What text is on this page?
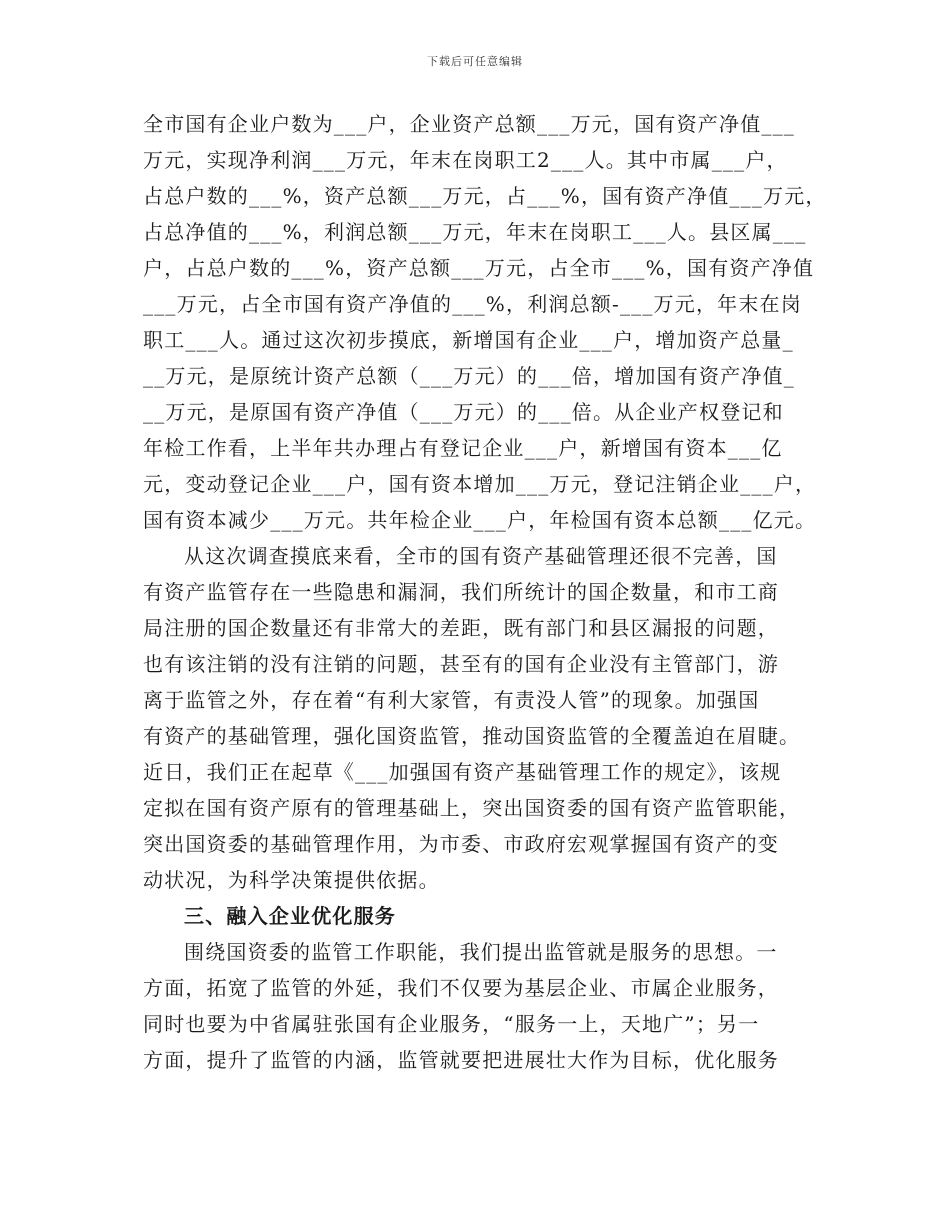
下载后可任意编辑
全市国有企业户数为___户，企业资产总额___万元，国有资产净值___
万元，实现净利润___万元，年末在岗职工2___人。其中市属___户，
占总户数的___%，资产总额___万元，占___%，国有资产净值___万元，
占总净值的___%，利润总额___万元，年末在岗职工___人。县区属___
户，占总户数的___%，资产总额___万元，占全市___%，国有资产净值
___万元，占全市国有资产净值的___%，利润总额-___万元，年末在岗
职工___人。通过这次初步摸底，新增国有企业___户，增加资产总量_
__万元，是原统计资产总额（___万元）的___倍，增加国有资产净值_
__万元，是原国有资产净值（___万元）的___倍。从企业产权登记和
年检工作看，上半年共办理占有登记企业___户，新增国有资本___亿
元，变动登记企业___户，国有资本增加___万元，登记注销企业___户，
国有资本减少___万元。共年检企业___户，年检国有资本总额___亿元。
从这次调查摸底来看，全市的国有资产基础管理还很不完善，国
有资产监管存在一些隐患和漏洞，我们所统计的国企数量，和市工商
局注册的国企数量还有非常大的差距，既有部门和县区漏报的问题，
也有该注销的没有注销的问题，甚至有的国有企业没有主管部门，游
离于监管之外，存在着“有利大家管，有责没人管”的现象。加强国
有资产的基础管理，强化国资监管，推动国资监管的全覆盖迫在眉睫。
近日，我们正在起草《___加强国有资产基础管理工作的规定》，该规
定拟在国有资产原有的管理基础上，突出国资委的国有资产监管职能，
突出国资委的基础管理作用，为市委、市政府宏观掌握国有资产的变
动状况，为科学决策提供依据。
三、融入企业优化服务
围绕国资委的监管工作职能，我们提出监管就是服务的思想。一
方面，拓宽了监管的外延，我们不仅要为基层企业、市属企业服务，
同时也要为中省属驻张国有企业服务，“服务一上，天地广”；另一
方面，提升了监管的内涵，监管就要把进展壮大作为目标，优化服务
